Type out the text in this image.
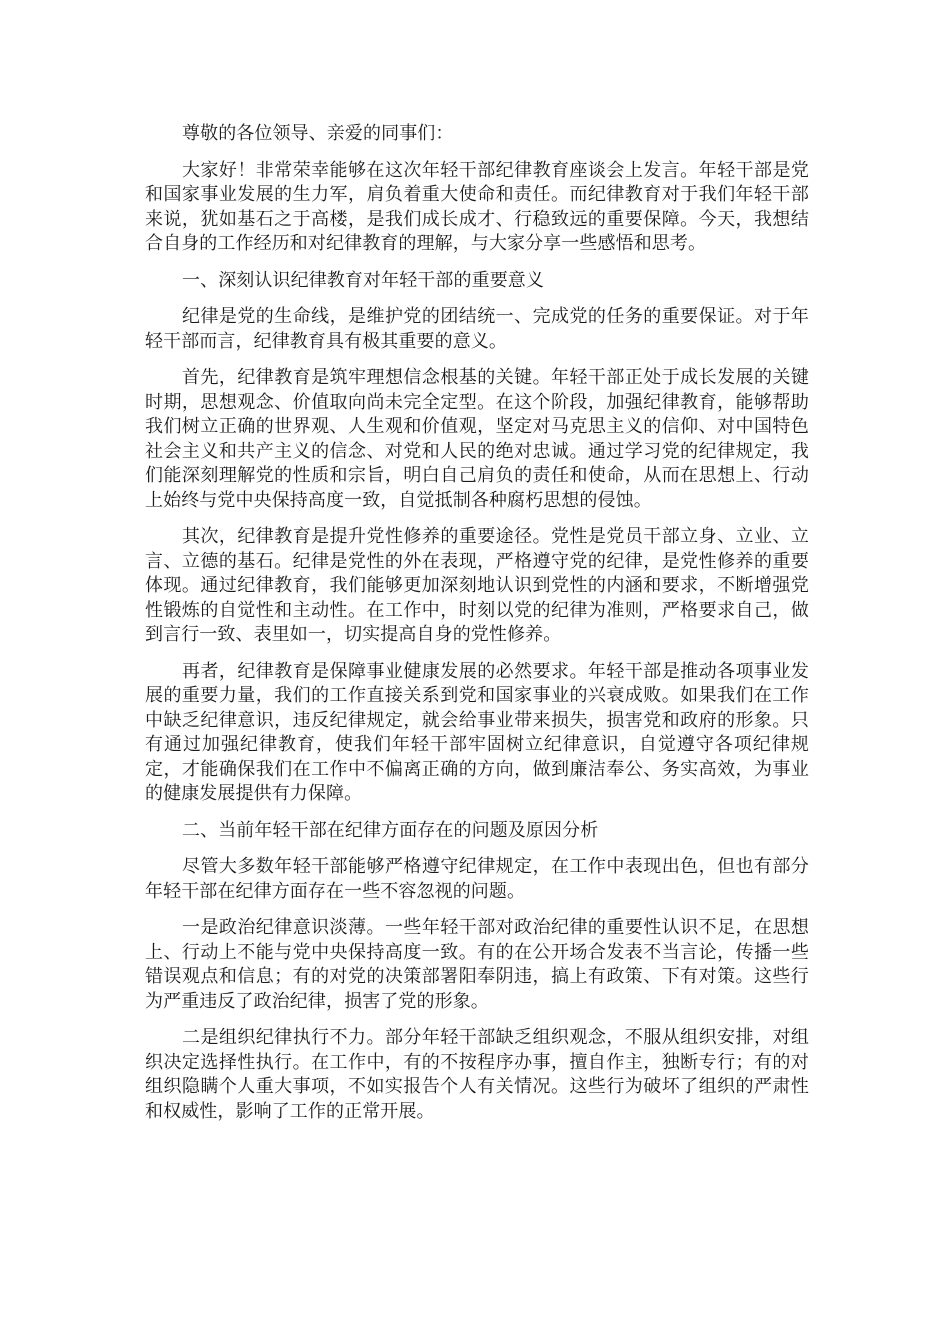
尊敬的各位领导、亲爱的同事们：

大家好！非常荣幸能够在这次年轻干部纪律教育座谈会上发言。年轻干部是党和国家事业发展的生力军，肩负着重大使命和责任。而纪律教育对于我们年轻干部来说，犹如基石之于高楼，是我们成长成才、行稳致远的重要保障。今天，我想结合自身的工作经历和对纪律教育的理解，与大家分享一些感悟和思考。

一、深刻认识纪律教育对年轻干部的重要意义

纪律是党的生命线，是维护党的团结统一、完成党的任务的重要保证。对于年轻干部而言，纪律教育具有极其重要的意义。

首先，纪律教育是筑牢理想信念根基的关键。年轻干部正处于成长发展的关键时期，思想观念、价值取向尚未完全定型。在这个阶段，加强纪律教育，能够帮助我们树立正确的世界观、人生观和价值观，坚定对马克思主义的信仰、对中国特色社会主义和共产主义的信念、对党和人民的绝对忠诚。通过学习党的纪律规定，我们能深刻理解党的性质和宗旨，明白自己肩负的责任和使命，从而在思想上、行动上始终与党中央保持高度一致，自觉抵制各种腐朽思想的侵蚀。

其次，纪律教育是提升党性修养的重要途径。党性是党员干部立身、立业、立言、立德的基石。纪律是党性的外在表现，严格遵守党的纪律，是党性修养的重要体现。通过纪律教育，我们能够更加深刻地认识到党性的内涵和要求，不断增强党性锻炼的自觉性和主动性。在工作中，时刻以党的纪律为准则，严格要求自己，做到言行一致、表里如一，切实提高自身的党性修养。

再者，纪律教育是保障事业健康发展的必然要求。年轻干部是推动各项事业发展的重要力量，我们的工作直接关系到党和国家事业的兴衰成败。如果我们在工作中缺乏纪律意识，违反纪律规定，就会给事业带来损失，损害党和政府的形象。只有通过加强纪律教育，使我们年轻干部牢固树立纪律意识，自觉遵守各项纪律规定，才能确保我们在工作中不偏离正确的方向，做到廉洁奉公、务实高效，为事业的健康发展提供有力保障。

二、当前年轻干部在纪律方面存在的问题及原因分析

尽管大多数年轻干部能够严格遵守纪律规定，在工作中表现出色，但也有部分年轻干部在纪律方面存在一些不容忽视的问题。

一是政治纪律意识淡薄。一些年轻干部对政治纪律的重要性认识不足，在思想上、行动上不能与党中央保持高度一致。有的在公开场合发表不当言论，传播一些错误观点和信息；有的对党的决策部署阳奉阴违，搞上有政策、下有对策。这些行为严重违反了政治纪律，损害了党的形象。

二是组织纪律执行不力。部分年轻干部缺乏组织观念，不服从组织安排，对组织决定选择性执行。在工作中，有的不按程序办事，擅自作主，独断专行；有的对组织隐瞒个人重大事项，不如实报告个人有关情况。这些行为破坏了组织的严肃性和权威性，影响了工作的正常开展。
